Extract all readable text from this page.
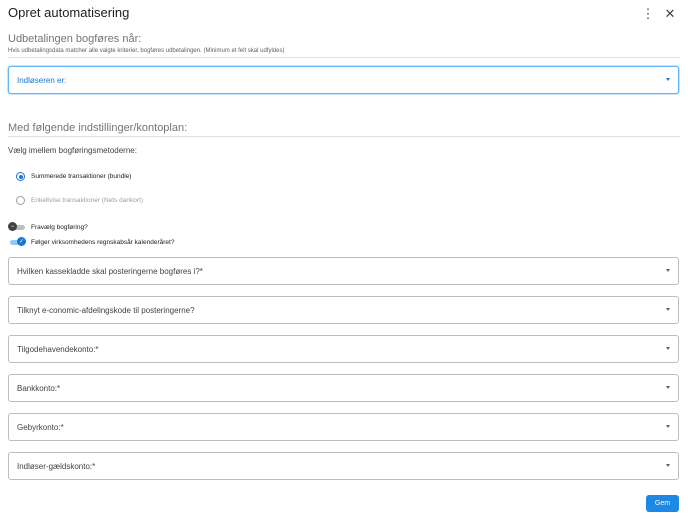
Opret automatisering	⋮ ✕
Udbetalingen bogføres når:
Hvis udbetalingsdata matcher alle valgte kriterier, bogføres udbetalingen. (Minimum et felt skal udfyldes)
Indløseren er:
Med følgende indstillinger/kontoplan:
Vælg imellem bogføringsmetoderne:
Summerede transaktioner (bundle)
Enkeltvise transaktioner (Nets dankort)
−	Fravælg bogføring?
✓	Følger virksomhedens regnskabsår kalenderåret?
Hvilken kassekladde skal posteringerne bogføres i?*
Tilknyt e-conomic-afdelingskode til posteringerne?
Tilgodehavendekonto:*
Bankkonto:*
Gebyrkonto:*
Indløser-gældskonto:*
Gem
